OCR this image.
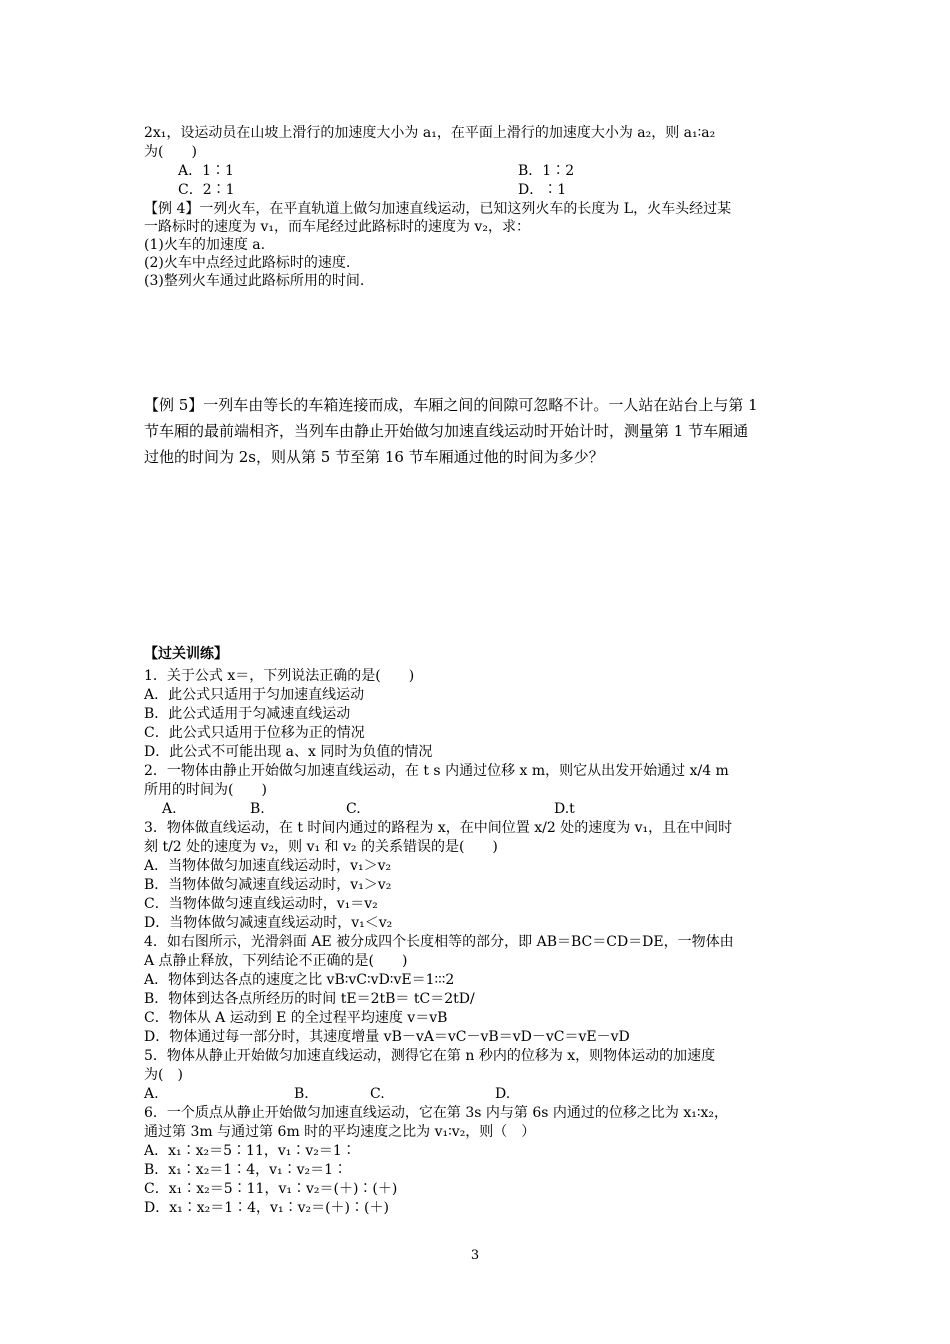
2x₁，设运动员在山坡上滑行的加速度大小为 a₁，在平面上滑行的加速度大小为 a₂，则 a₁∶a₂
为(　　)
A．1∶1	B．1∶2
C．2∶1	D．∶1
【例 4】一列火车，在平直轨道上做匀加速直线运动，已知这列火车的长度为 L，火车头经过某
一路标时的速度为 v₁，而车尾经过此路标时的速度为 v₂，求：
(1)火车的加速度 a.
(2)火车中点经过此路标时的速度.
(3)整列火车通过此路标所用的时间.
【例 5】一列车由等长的车箱连接而成，车厢之间的间隙可忽略不计。一人站在站台上与第 1
节车厢的最前端相齐，当列车由静止开始做匀加速直线运动时开始计时，测量第 1 节车厢通
过他的时间为 2s，则从第 5 节至第 16 节车厢通过他的时间为多少？
【过关训练】
1．关于公式 x＝，下列说法正确的是(　　)
A．此公式只适用于匀加速直线运动
B．此公式适用于匀减速直线运动
C．此公式只适用于位移为正的情况
D．此公式不可能出现 a、x 同时为负值的情况
2．一物体由静止开始做匀加速直线运动，在 t s 内通过位移 x m，则它从出发开始通过 x/4 m
所用的时间为(　　)
A.	B.	C.	D.t
3．物体做直线运动，在 t 时间内通过的路程为 x，在中间位置 x/2 处的速度为 v₁，且在中间时
刻 t/2 处的速度为 v₂，则 v₁ 和 v₂ 的关系错误的是(　　)
A．当物体做匀加速直线运动时，v₁＞v₂
B．当物体做匀减速直线运动时，v₁＞v₂
C．当物体做匀速直线运动时，v₁＝v₂
D．当物体做匀减速直线运动时，v₁＜v₂
4．如右图所示，光滑斜面 AE 被分成四个长度相等的部分，即 AB＝BC＝CD＝DE，一物体由
A 点静止释放，下列结论不正确的是(　　)
A．物体到达各点的速度之比 vB∶vC∶vD∶vE＝1∶∶∶2
B．物体到达各点所经历的时间 tE＝2tB＝ tC＝2tD/
C．物体从 A 运动到 E 的全过程平均速度 v＝vB
D．物体通过每一部分时，其速度增量 vB－vA＝vC－vB＝vD－vC＝vE－vD
5．物体从静止开始做匀加速直线运动，测得它在第 n 秒内的位移为 x，则物体运动的加速度
为(　)
A.	B.	C.	D.
6．一个质点从静止开始做匀加速直线运动，它在第 3s 内与第 6s 内通过的位移之比为 x₁∶x₂，
通过第 3m 与通过第 6m 时的平均速度之比为 v₁∶v₂，则（　）
A．x₁∶x₂＝5∶11，v₁∶v₂＝1∶
B．x₁∶x₂＝1∶4，v₁∶v₂＝1∶
C．x₁∶x₂＝5∶11，v₁∶v₂＝(＋)∶(＋)
D．x₁∶x₂＝1∶4，v₁∶v₂＝(＋)∶(＋)
3
